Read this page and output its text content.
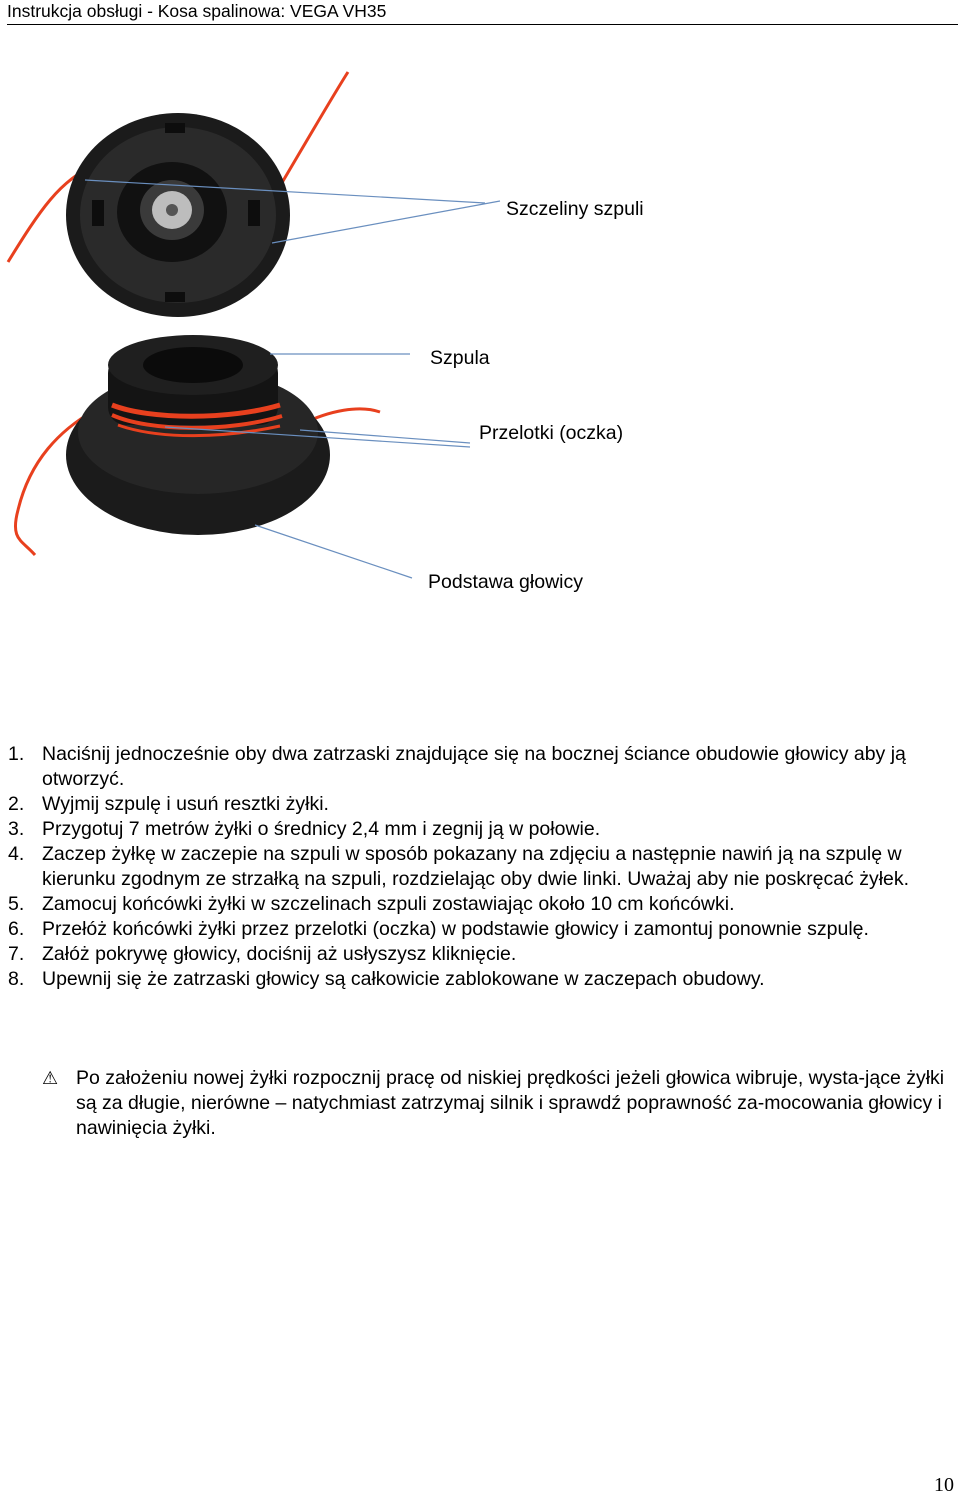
Instrukcja obsługi - Kosa spalinowa: VEGA VH35
Szczeliny szpuli
Szpula
Przelotki (oczka)
Podstawa głowicy
1. Naciśnij jednocześnie oby dwa zatrzaski znajdujące się na bocznej ściance obudowie głowicy aby ją otworzyć.
2. Wyjmij szpulę i usuń resztki żyłki.
3. Przygotuj 7 metrów żyłki o średnicy 2,4 mm i zegnij ją w połowie.
4. Zaczep żyłkę w zaczepie na szpuli w sposób pokazany na zdjęciu a następnie nawiń ją na szpulę w kierunku zgodnym ze strzałką na szpuli, rozdzielając oby dwie linki. Uważaj aby nie poskręcać żyłek.
5. Zamocuj końcówki żyłki w szczelinach szpuli zostawiając około 10 cm końcówki.
6. Przełóż końcówki żyłki przez przelotki (oczka) w podstawie głowicy i zamontuj ponownie szpulę.
7. Załóż pokrywę głowicy, dociśnij aż usłyszysz kliknięcie.
8. Upewnij się że zatrzaski głowicy są całkowicie zablokowane w zaczepach obudowy.
⚠ Po założeniu nowej żyłki rozpocznij pracę od niskiej prędkości jeżeli głowica wibruje, wysta-jące żyłki są za długie, nierówne – natychmiast zatrzymaj silnik i sprawdź poprawność za-mocowania głowicy i nawinięcia żyłki.
10
